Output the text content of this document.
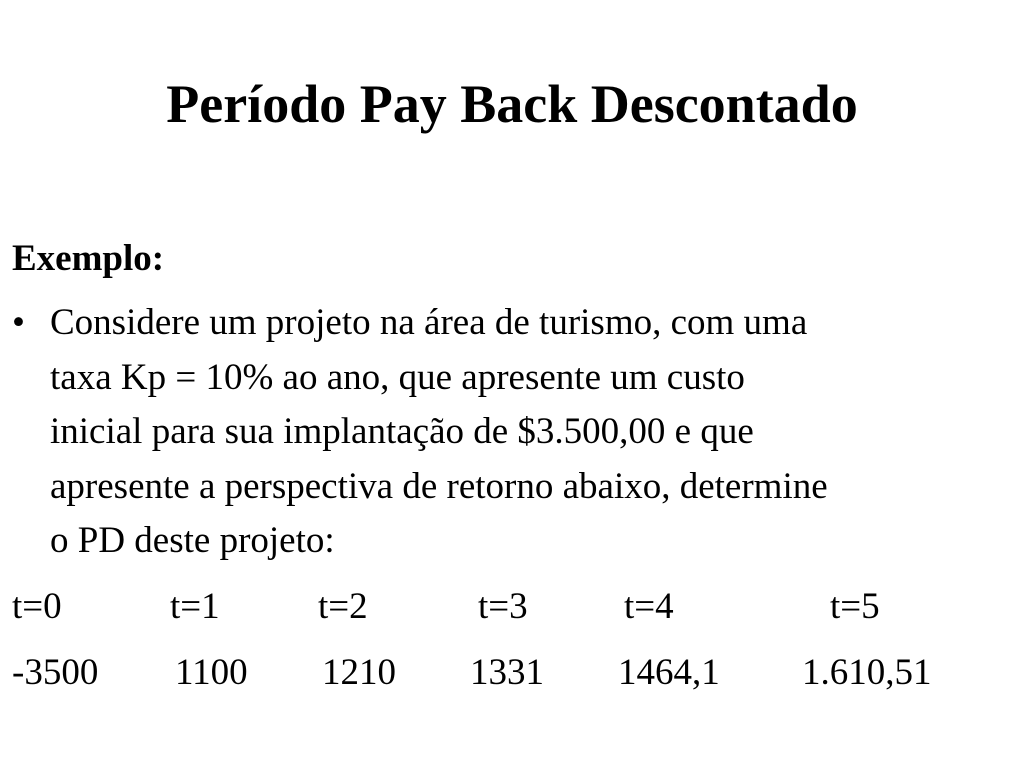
Período Pay Back Descontado
Exemplo:
• Considere um projeto na área de turismo, com uma
taxa Kp = 10% ao ano, que apresente um custo
inicial para sua implantação de $3.500,00 e que
apresente a perspectiva de retorno abaixo, determine
o PD deste projeto:
t=0	t=1	t=2	t=3	t=4	t=5
-3500 1100 1210 1331 1464,1 1.610,51
